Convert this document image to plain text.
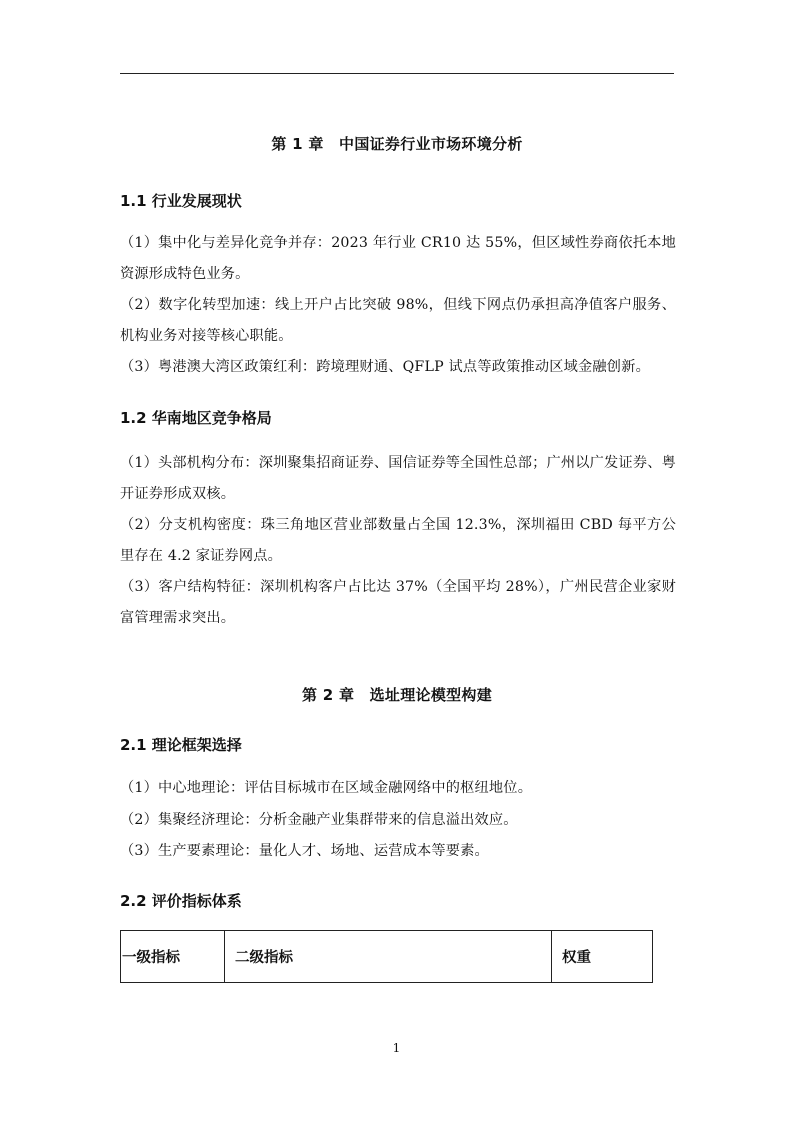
第 1 章　中国证券行业市场环境分析
1.1 行业发展现状
（1）集中化与差异化竞争并存：2023 年行业 CR10 达 55%，但区域性券商依托本地资源形成特色业务。
（2）数字化转型加速：线上开户占比突破 98%，但线下网点仍承担高净值客户服务、机构业务对接等核心职能。
（3）粤港澳大湾区政策红利：跨境理财通、QFLP 试点等政策推动区域金融创新。
1.2 华南地区竞争格局
（1）头部机构分布：深圳聚集招商证券、国信证券等全国性总部；广州以广发证券、粤开证券形成双核。
（2）分支机构密度：珠三角地区营业部数量占全国 12.3%，深圳福田 CBD 每平方公里存在 4.2 家证券网点。
（3）客户结构特征：深圳机构客户占比达 37%（全国平均 28%），广州民营企业家财富管理需求突出。
第 2 章　选址理论模型构建
2.1 理论框架选择
（1）中心地理论：评估目标城市在区域金融网络中的枢纽地位。
（2）集聚经济理论：分析金融产业集群带来的信息溢出效应。
（3）生产要素理论：量化人才、场地、运营成本等要素。
2.2 评价指标体系
一级指标	二级指标	权重
1
